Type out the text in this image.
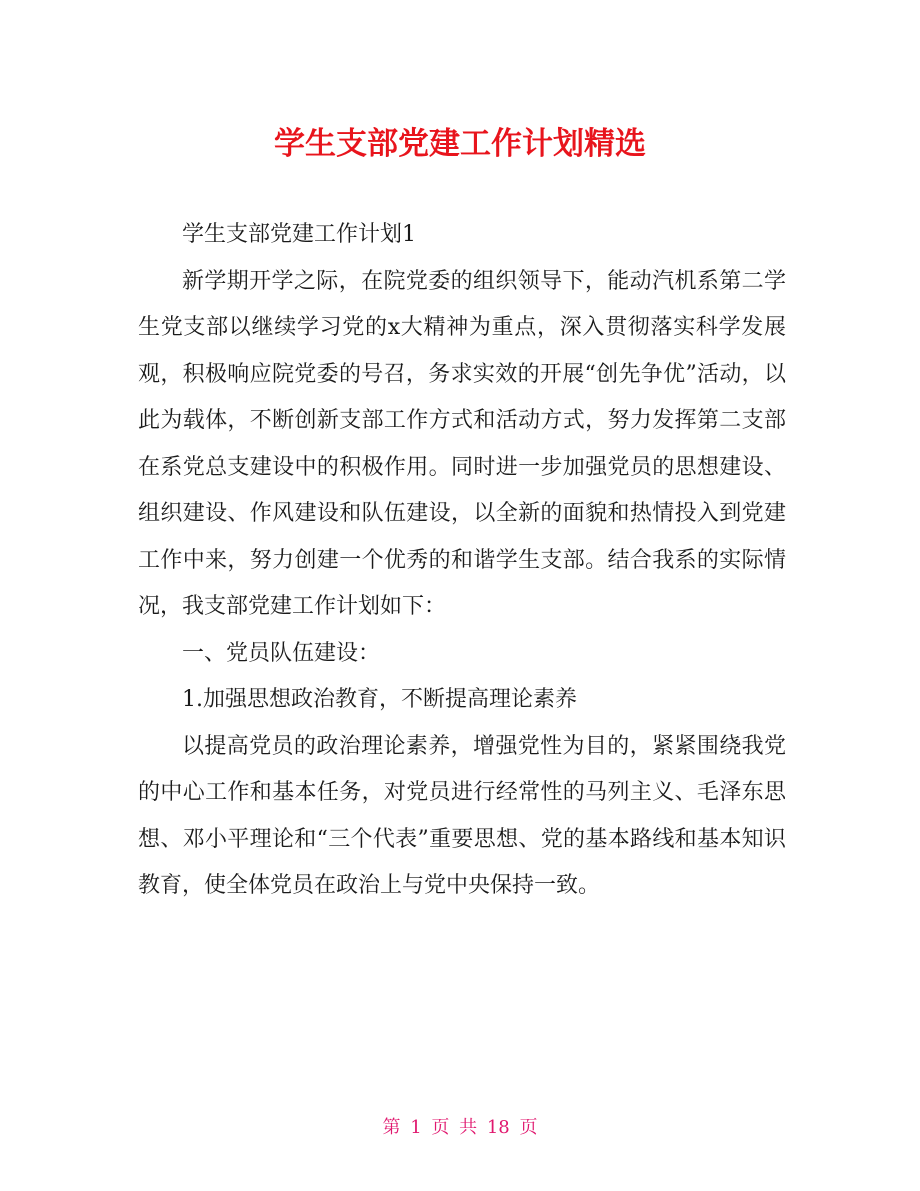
学生支部党建工作计划精选

学生支部党建工作计划1

新学期开学之际，在院党委的组织领导下，能动汽机系第二学生党支部以继续学习党的x大精神为重点，深入贯彻落实科学发展观，积极响应院党委的号召，务求实效的开展“创先争优”活动，以此为载体，不断创新支部工作方式和活动方式，努力发挥第二支部在系党总支建设中的积极作用。同时进一步加强党员的思想建设、组织建设、作风建设和队伍建设，以全新的面貌和热情投入到党建工作中来，努力创建一个优秀的和谐学生支部。结合我系的实际情况，我支部党建工作计划如下：

一、党员队伍建设：

1.加强思想政治教育，不断提高理论素养

以提高党员的政治理论素养，增强党性为目的，紧紧围绕我党的中心工作和基本任务，对党员进行经常性的马列主义、毛泽东思想、邓小平理论和“三个代表”重要思想、党的基本路线和基本知识教育，使全体党员在政治上与党中央保持一致。

第 1 页 共 18 页
